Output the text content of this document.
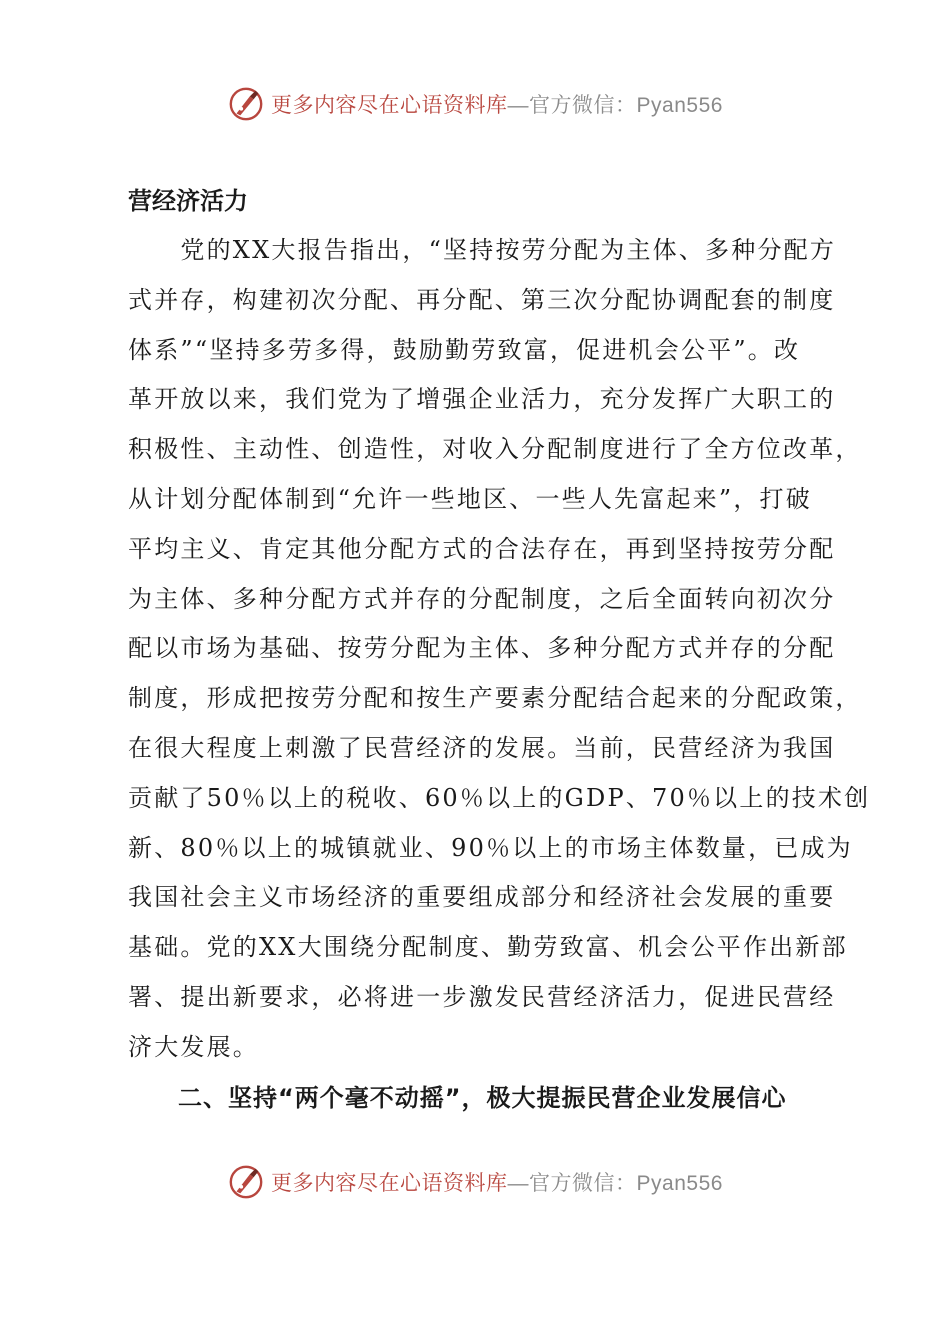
更多内容尽在心语资料库—官方微信：Pyan556

营经济活力

　　党的XX大报告指出，“坚持按劳分配为主体、多种分配方

式并存，构建初次分配、再分配、第三次分配协调配套的制度

体系”“坚持多劳多得，鼓励勤劳致富，促进机会公平”。改

革开放以来，我们党为了增强企业活力，充分发挥广大职工的

积极性、主动性、创造性，对收入分配制度进行了全方位改革，

从计划分配体制到“允许一些地区、一些人先富起来”，打破

平均主义、肯定其他分配方式的合法存在，再到坚持按劳分配

为主体、多种分配方式并存的分配制度，之后全面转向初次分

配以市场为基础、按劳分配为主体、多种分配方式并存的分配

制度，形成把按劳分配和按生产要素分配结合起来的分配政策，

在很大程度上刺激了民营经济的发展。当前，民营经济为我国

贡献了50％以上的税收、60％以上的GDP、70％以上的技术创

新、80％以上的城镇就业、90％以上的市场主体数量，已成为

我国社会主义市场经济的重要组成部分和经济社会发展的重要

基础。党的XX大围绕分配制度、勤劳致富、机会公平作出新部

署、提出新要求，必将进一步激发民营经济活力，促进民营经

济大发展。

二、坚持“两个毫不动摇”，极大提振民营企业发展信心

更多内容尽在心语资料库—官方微信：Pyan556
